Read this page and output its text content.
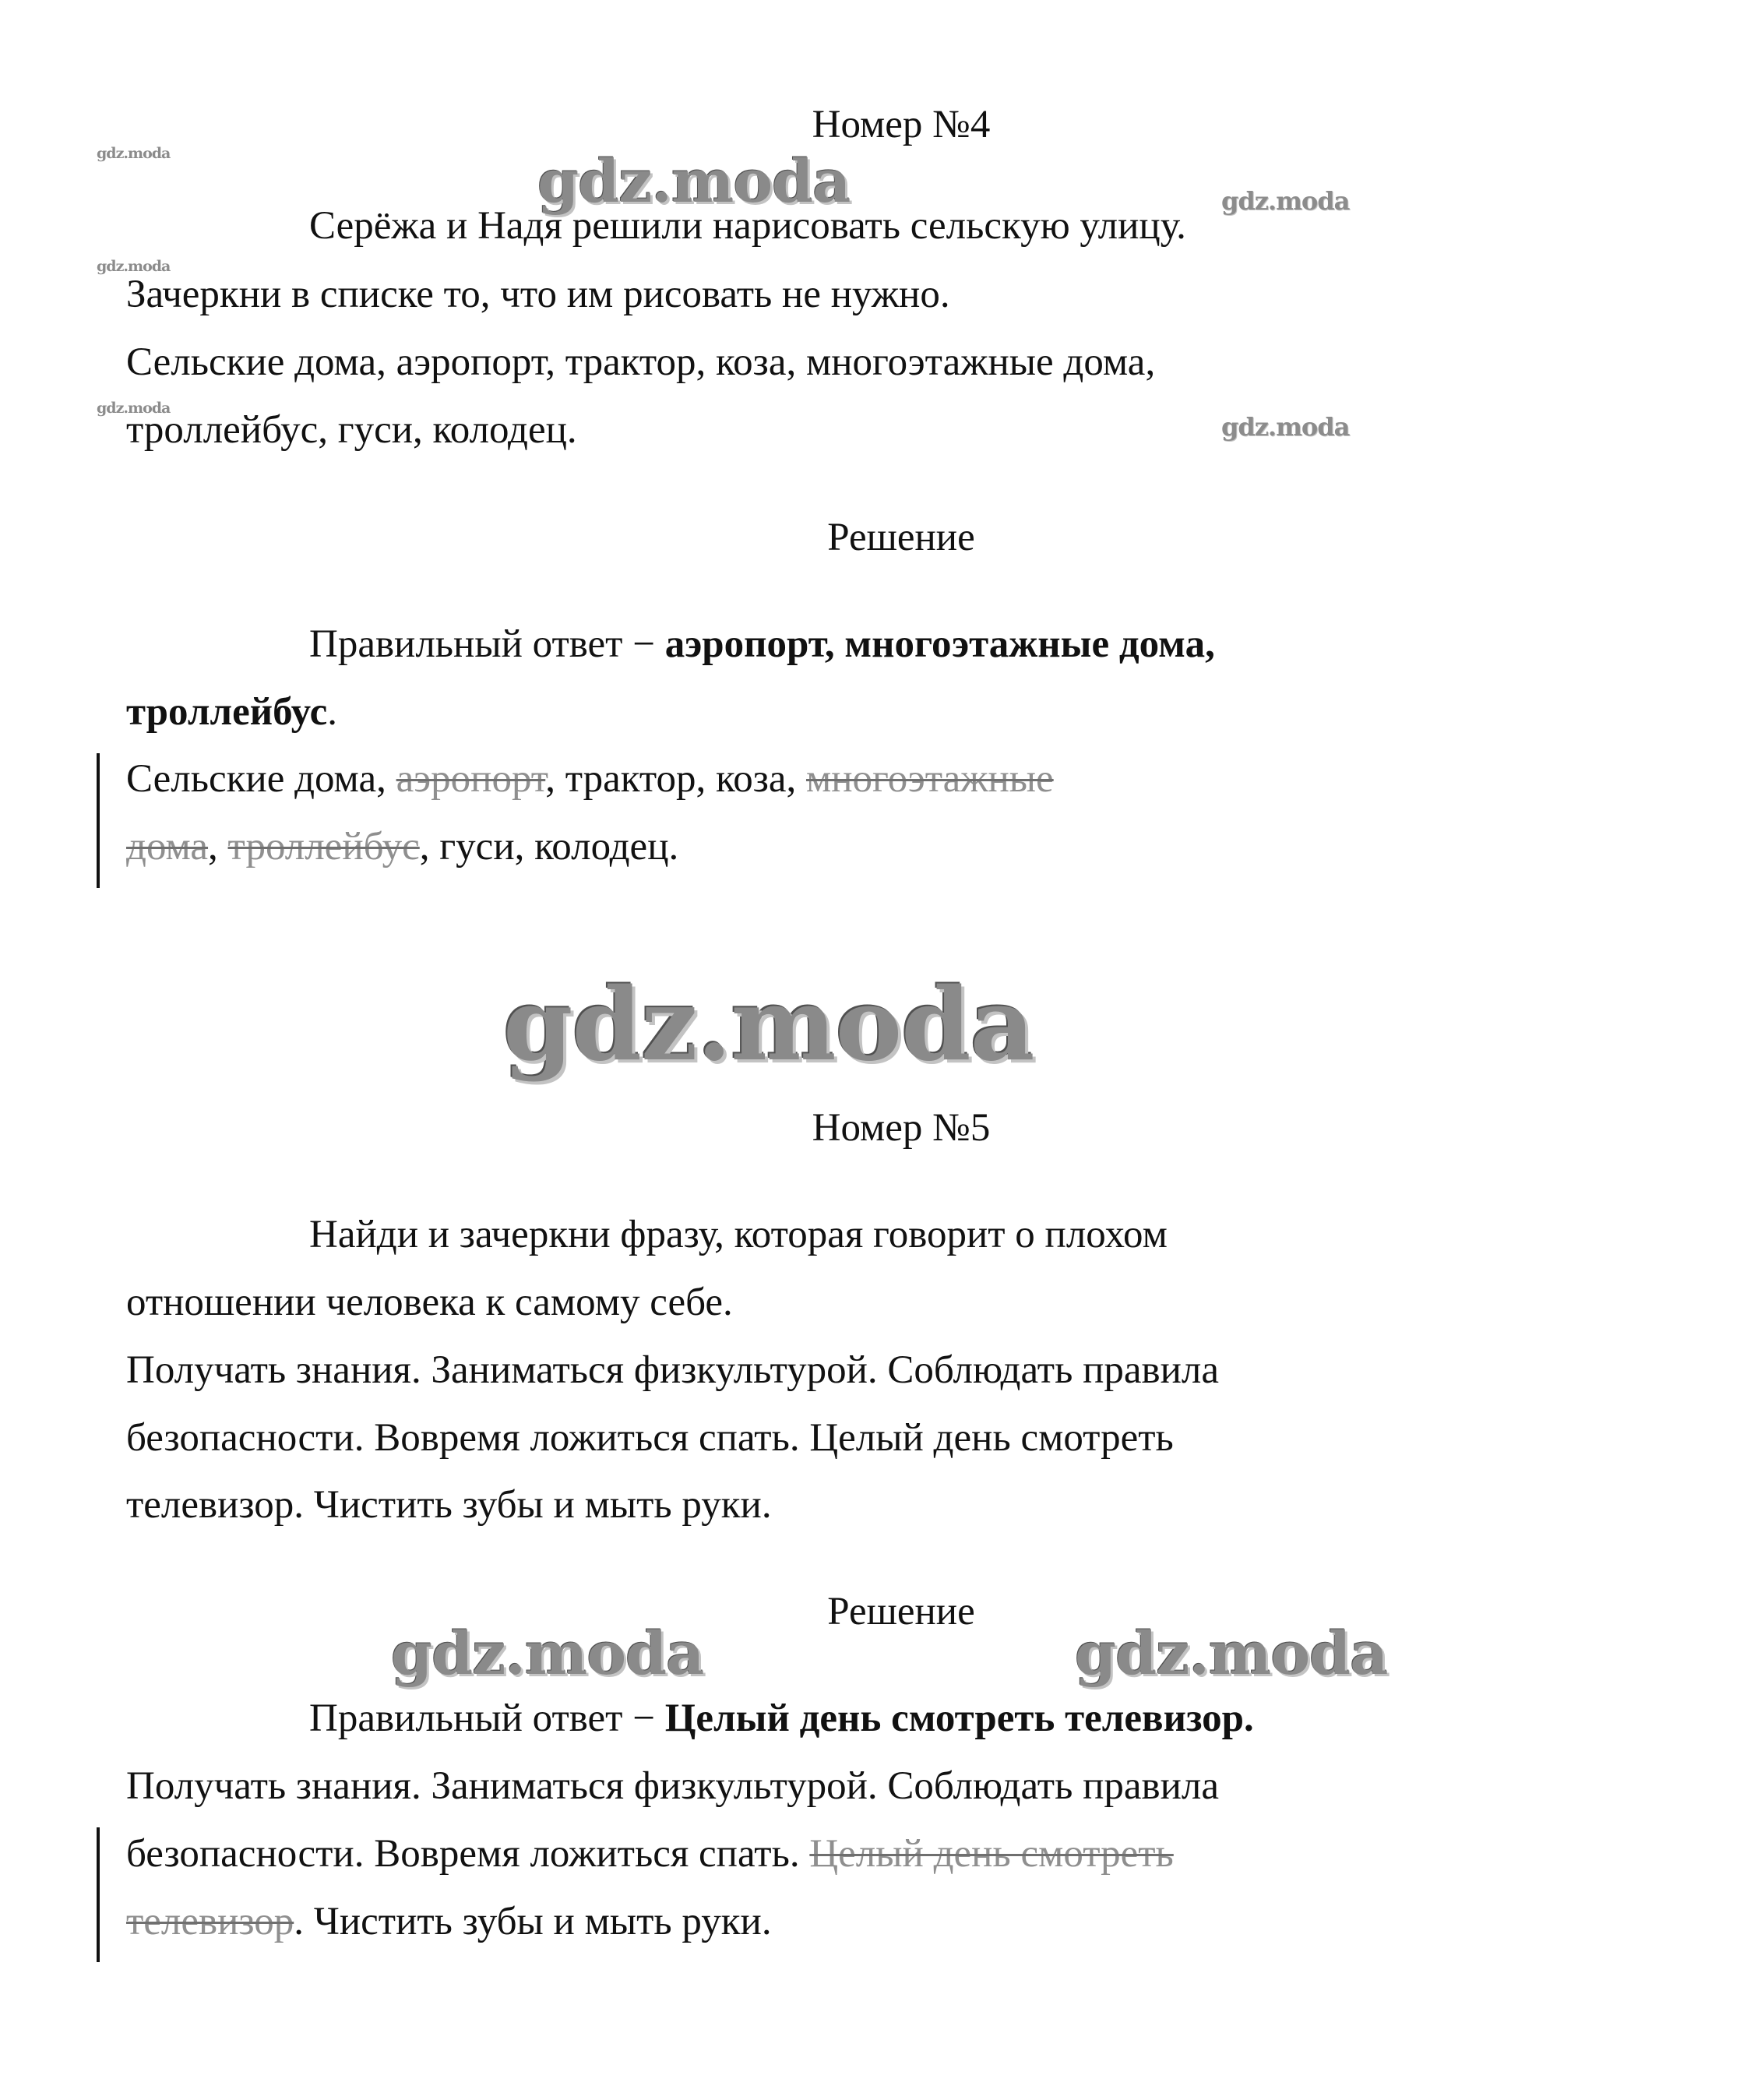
gdz.moda
gdz.moda
gdz.moda
gdz.moda	gdz.moda
gdz.moda
gdz.moda
gdz.moda	gdz.moda
Номер №4
Серёжа и Надя решили нарисовать сельскую улицу.
Зачеркни в списке то, что им рисовать не нужно.
Сельские дома, аэропорт, трактор, коза, многоэтажные дома,
троллейбус, гуси, колодец.
Решение
Правильный ответ − аэропорт, многоэтажные дома,
троллейбус.
Сельские дома, аэропорт, трактор, коза, многоэтажные
дома, троллейбус, гуси, колодец.
Номер №5
Найди и зачеркни фразу, которая говорит о плохом
отношении человека к самому себе.
Получать знания. Заниматься физкультурой. Соблюдать правила
безопасности. Вовремя ложиться спать. Целый день смотреть
телевизор. Чистить зубы и мыть руки.
Решение
Правильный ответ − Целый день смотреть телевизор.
Получать знания. Заниматься физкультурой. Соблюдать правила
безопасности. Вовремя ложиться спать. Целый день смотреть
телевизор. Чистить зубы и мыть руки.
